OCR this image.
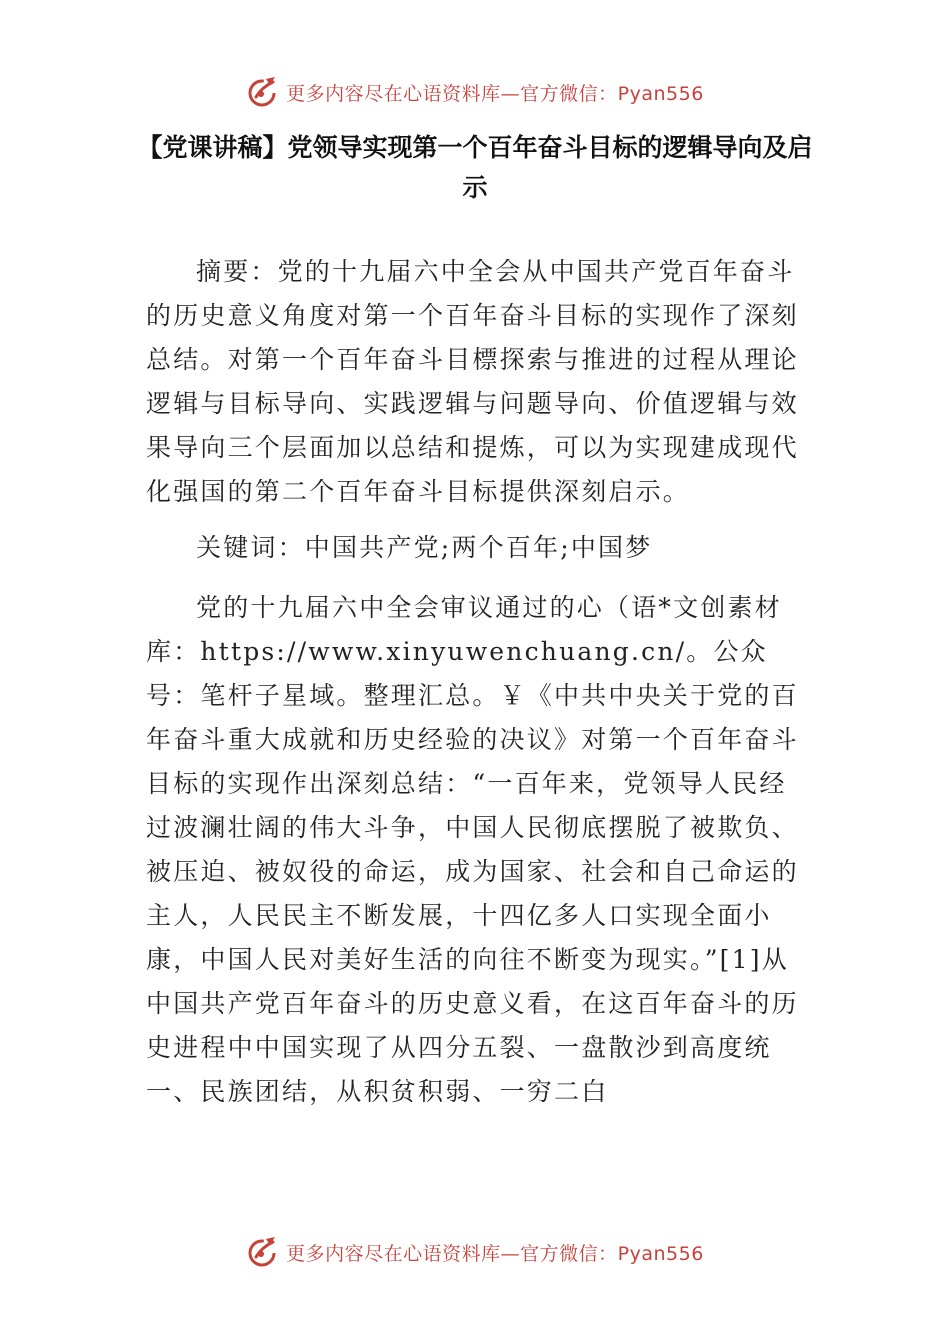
更多内容尽在心语资料库—官方微信：Pyan556
【党课讲稿】党领导实现第一个百年奋斗目标的逻辑导向及启示

摘要：党的十九届六中全会从中国共产党百年奋斗的历史意义角度对第一个百年奋斗目标的实现作了深刻总结。对第一个百年奋斗目標探索与推进的过程从理论逻辑与目标导向、实践逻辑与问题导向、价值逻辑与效果导向三个层面加以总结和提炼，可以为实现建成现代化强国的第二个百年奋斗目标提供深刻启示。

关键词：中国共产党;两个百年;中国梦

党的十九届六中全会审议通过的心（语*文创素材库：https://www.xinyuwenchuang.cn/。公众号：笔杆子星域。整理汇总。￥《中共中央关于党的百年奋斗重大成就和历史经验的决议》对第一个百年奋斗目标的实现作出深刻总结：“一百年来，党领导人民经过波澜壮阔的伟大斗争，中国人民彻底摆脱了被欺负、被压迫、被奴役的命运，成为国家、社会和自己命运的主人，人民民主不断发展，十四亿多人口实现全面小康，中国人民对美好生活的向往不断变为现实。”[1]从中国共产党百年奋斗的历史意义看，在这百年奋斗的历史进程中中国实现了从四分五裂、一盘散沙到高度统一、民族团结，从积贫积弱、一穷二白

更多内容尽在心语资料库—官方微信：Pyan556
